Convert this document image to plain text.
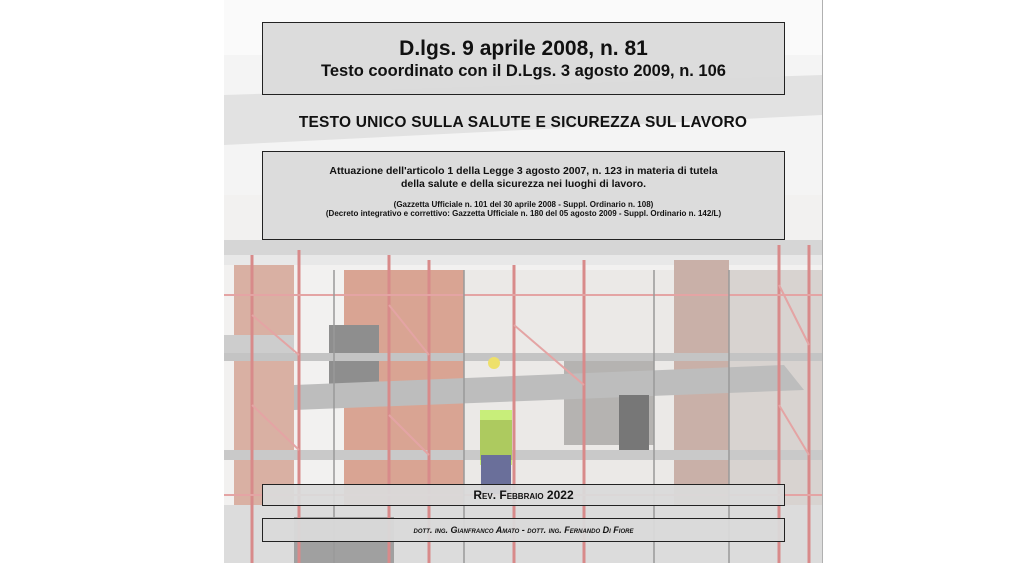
D.lgs. 9 aprile 2008, n. 81
Testo coordinato con il D.Lgs. 3 agosto 2009, n. 106
TESTO UNICO SULLA SALUTE E SICUREZZA SUL LAVORO
Attuazione dell'articolo 1 della Legge 3 agosto 2007, n. 123 in materia di tutela
della salute e della sicurezza nei luoghi di lavoro.
(Gazzetta Ufficiale n. 101 del 30 aprile 2008 - Suppl. Ordinario n. 108)
(Decreto integrativo e correttivo: Gazzetta Ufficiale n. 180 del 05 agosto 2009 - Suppl. Ordinario n. 142/L)
Rev. Febbraio 2022
dott. ing. Gianfranco Amato - dott. ing. Fernando Di Fiore
